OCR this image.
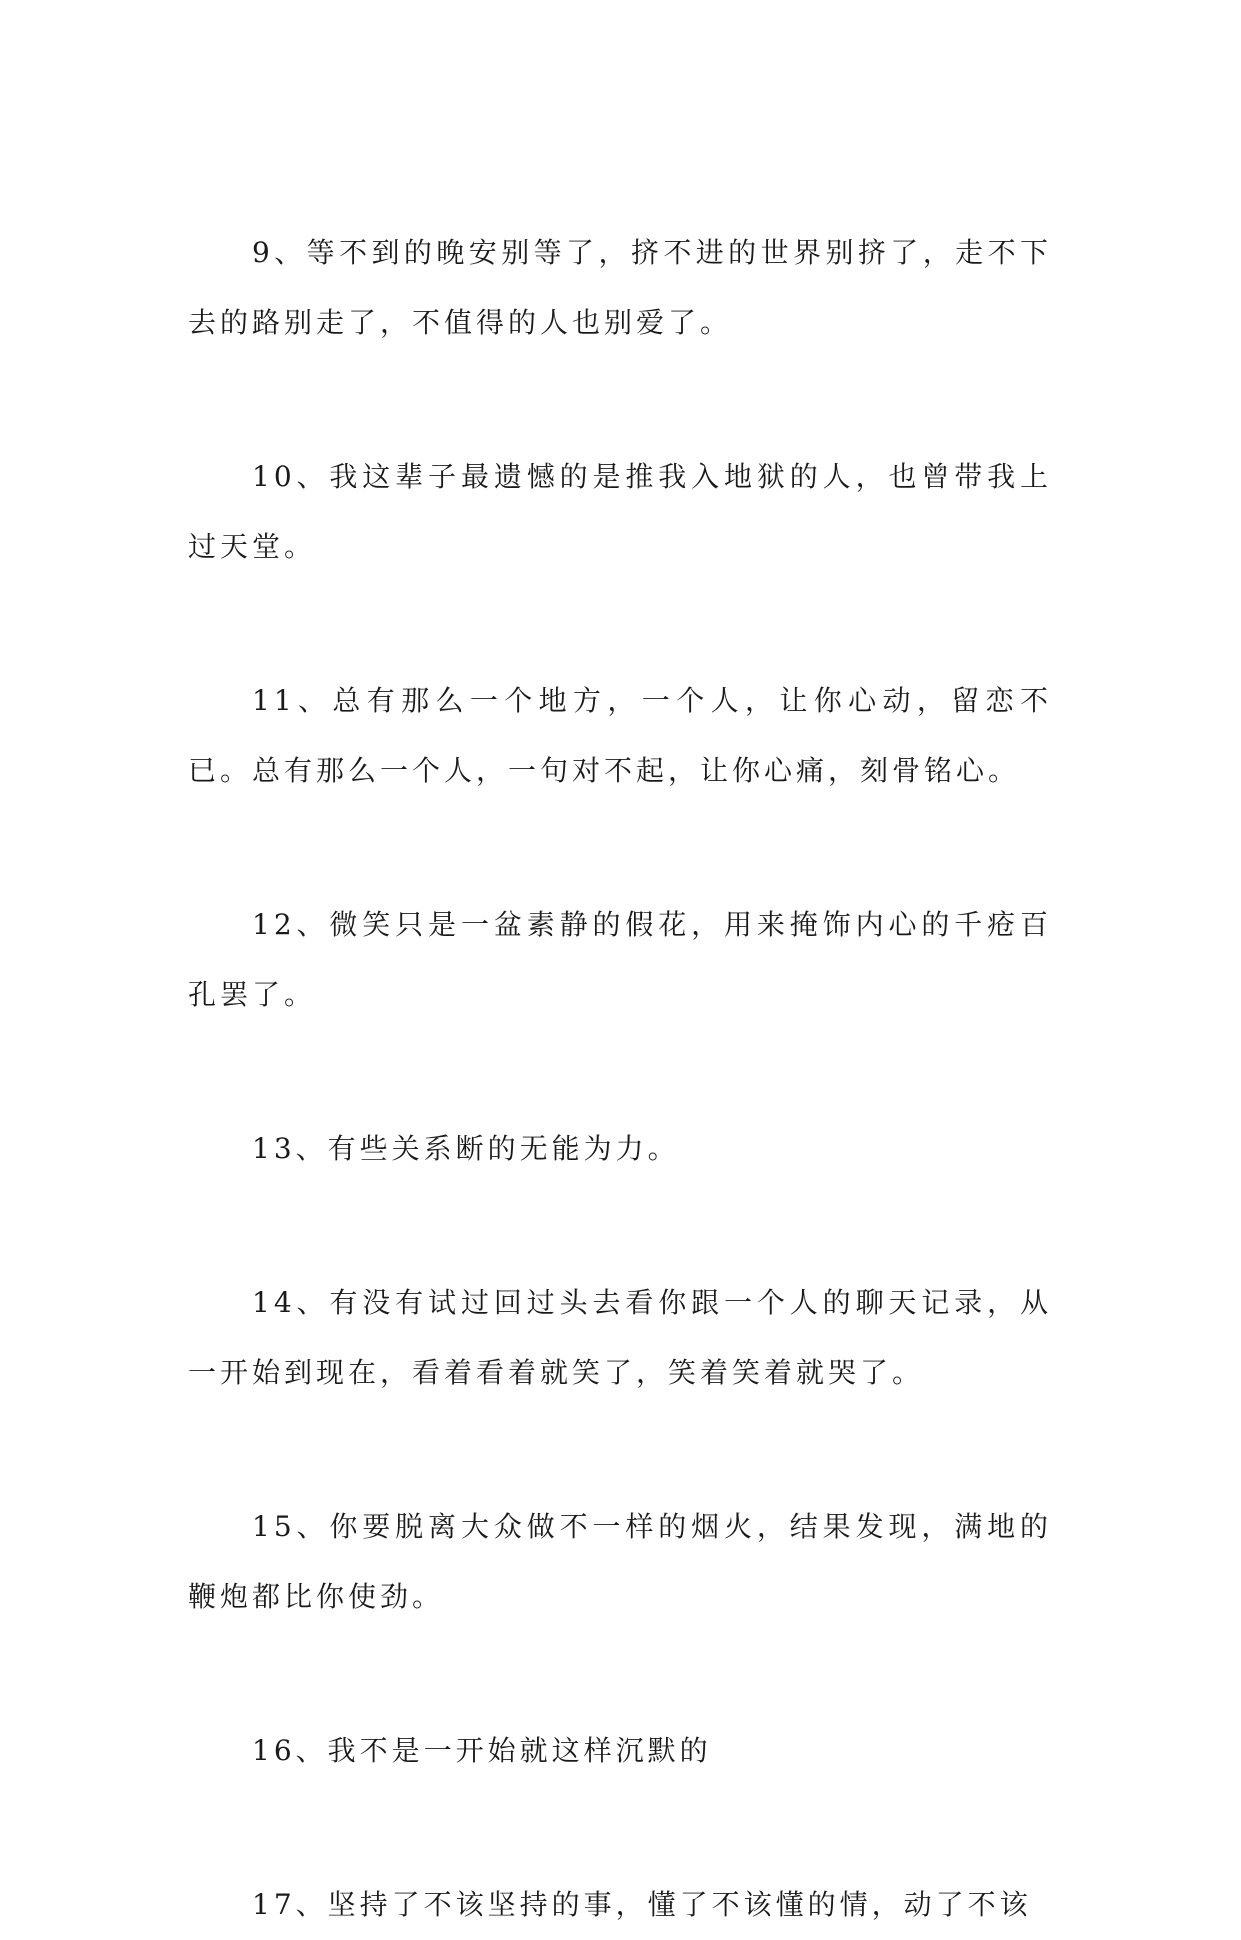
9、等不到的晚安别等了，挤不进的世界别挤了，走不下去的路别走了，不值得的人也别爱了。

10、我这辈子最遗憾的是推我入地狱的人，也曾带我上过天堂。

11、总有那么一个地方，一个人，让你心动，留恋不已。总有那么一个人，一句对不起，让你心痛，刻骨铭心。

12、微笑只是一盆素静的假花，用来掩饰内心的千疮百孔罢了。

13、有些关系断的无能为力。

14、有没有试过回过头去看你跟一个人的聊天记录，从一开始到现在，看着看着就笑了，笑着笑着就哭了。

15、你要脱离大众做不一样的烟火，结果发现，满地的鞭炮都比你使劲。

16、我不是一开始就这样沉默的

17、坚持了不该坚持的事，懂了不该懂的情，动了不该
